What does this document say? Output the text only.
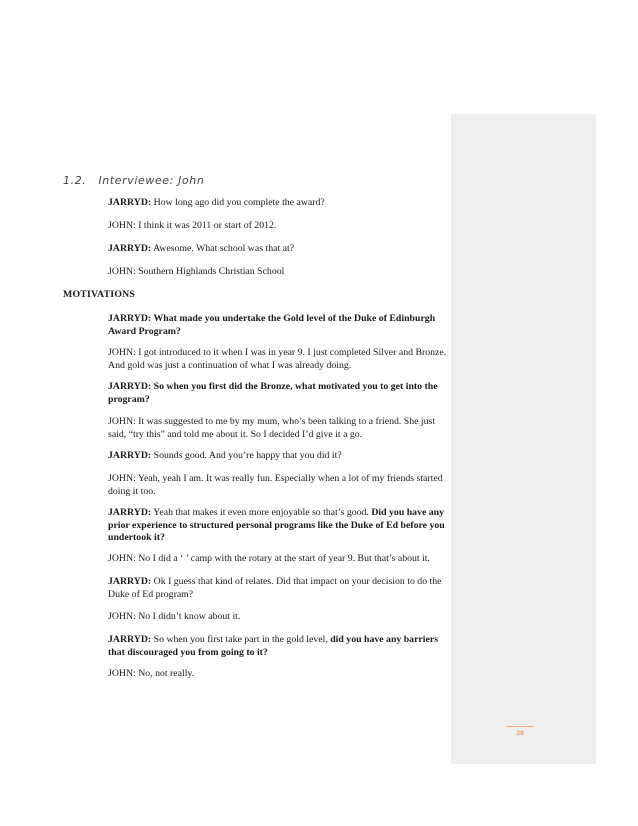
1.2. Interviewee: John
JARRYD: How long ago did you complete the award?
JOHN: I think it was 2011 or start of 2012.
JARRYD: Awesome. What school was that at?
JOHN: Southern Highlands Christian School
MOTIVATIONS
JARRYD: What made you undertake the Gold level of the Duke of Edinburgh Award Program?
JOHN: I got introduced to it when I was in year 9. I just completed Silver and Bronze. And gold was just a continuation of what I was already doing.
JARRYD: So when you first did the Bronze, what motivated you to get into the program?
JOHN: It was suggested to me by my mum, who’s been talking to a friend. She just said, “try this” and told me about it. So I decided I’d give it a go.
JARRYD: Sounds good. And you’re happy that you did it?
JOHN: Yeah, yeah I am. It was really fun. Especially when a lot of my friends started doing it too.
JARRYD: Yeah that makes it even more enjoyable so that’s good. Did you have any prior experience to structured personal programs like the Duke of Ed before you undertook it?
JOHN: No I did a ‘ ’ camp with the rotary at the start of year 9. But that’s about it.
JARRYD: Ok I guess that kind of relates. Did that impact on your decision to do the Duke of Ed program?
JOHN: No I didn’t know about it.
JARRYD: So when you first take part in the gold level, did you have any barriers that discouraged you from going to it?
JOHN: No, not really.
39
